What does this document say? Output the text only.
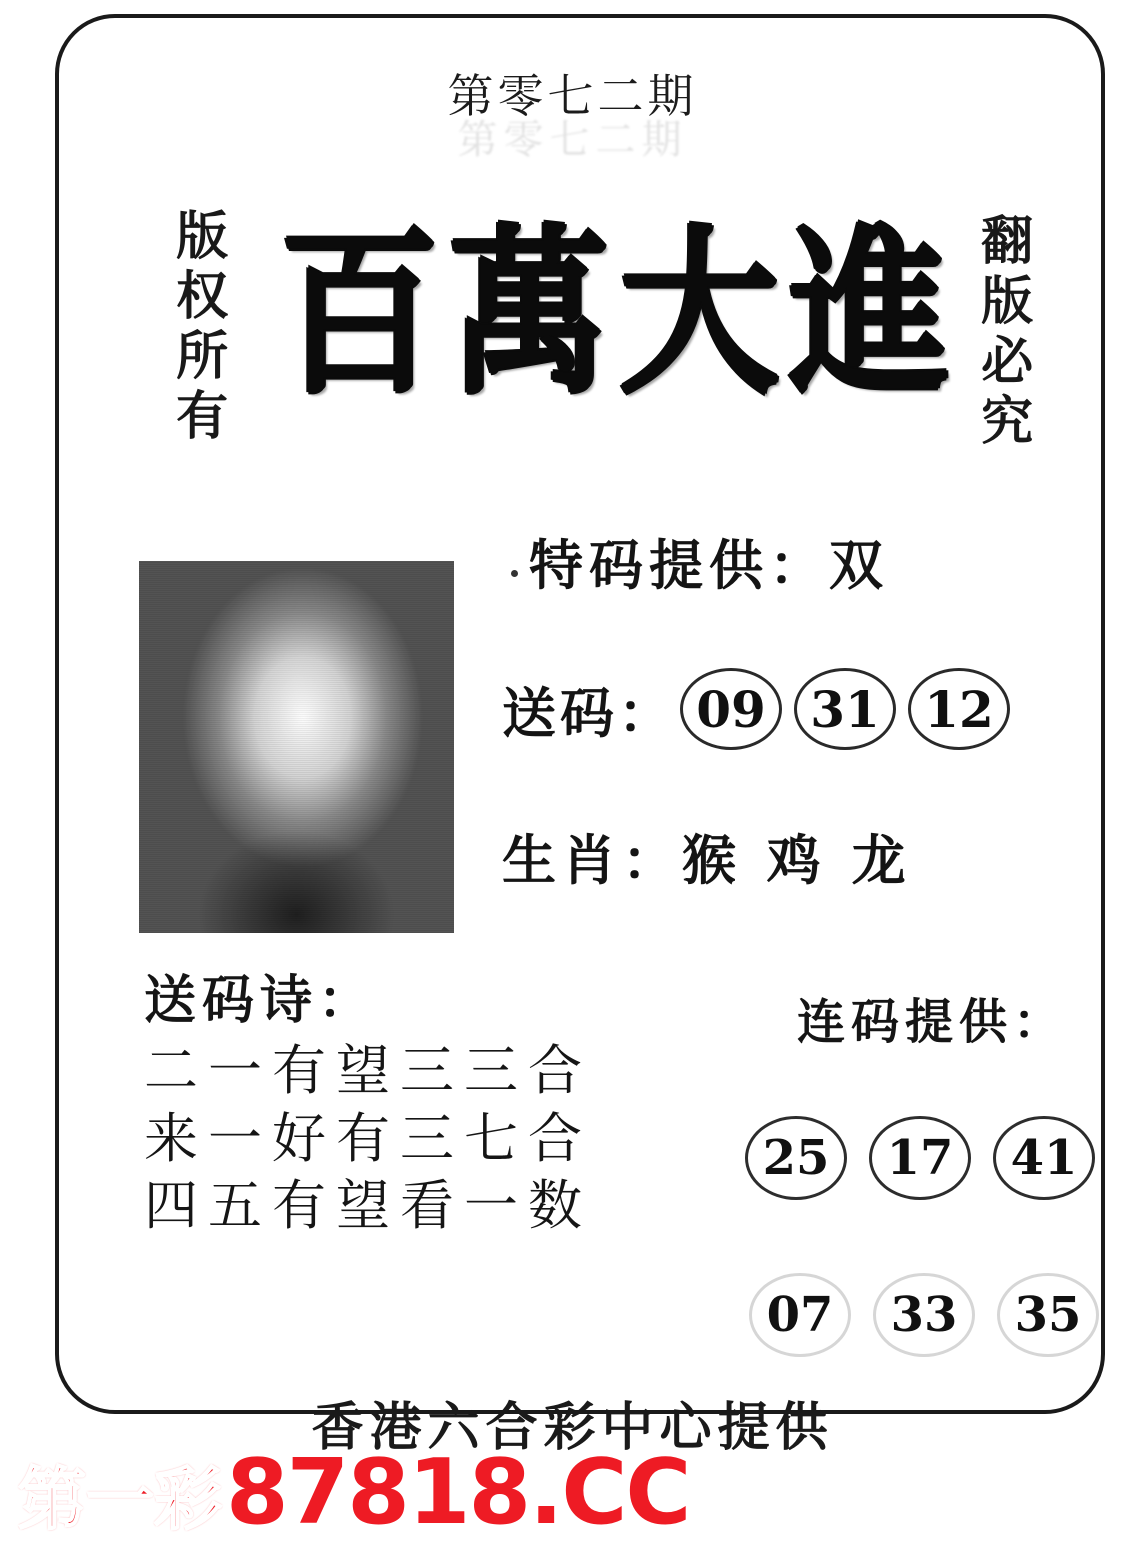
版权所有	翻版必究
百萬大進
特码提供：双
送码： 09 31 12
生肖：猴 鸡 龙
送码诗：
二一有望三三合
来一好有三七合
四五有望看一数
连码提供：
25	17	41
07	33	35
第零七二期
第零七二期
香港六合彩中心提供
第一彩 87818.CC
